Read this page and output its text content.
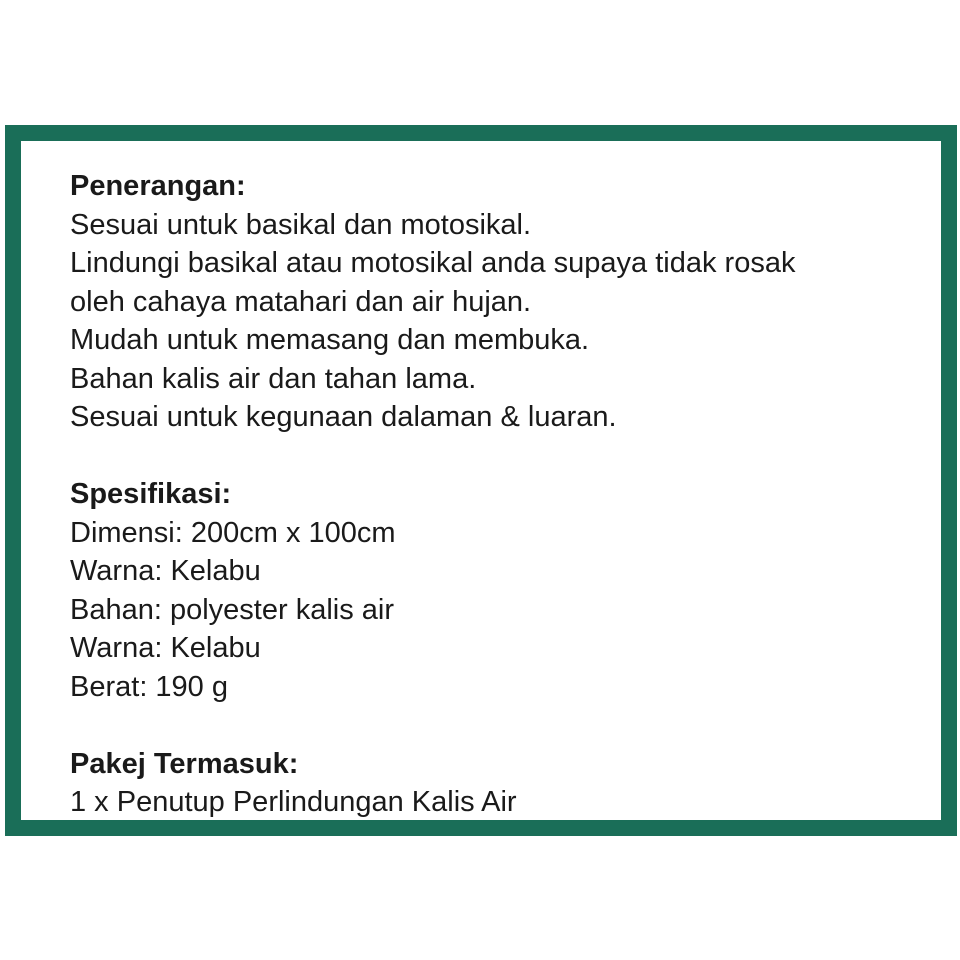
Penerangan:
Sesuai untuk basikal dan motosikal.
Lindungi basikal atau motosikal anda supaya tidak rosak
oleh cahaya matahari dan air hujan.
Mudah untuk memasang dan membuka.
Bahan kalis air dan tahan lama.
Sesuai untuk kegunaan dalaman & luaran.
Spesifikasi:
Dimensi: 200cm x 100cm
Warna: Kelabu
Bahan: polyester kalis air
Warna: Kelabu
Berat: 190 g
Pakej Termasuk:
1 x Penutup Perlindungan Kalis Air
